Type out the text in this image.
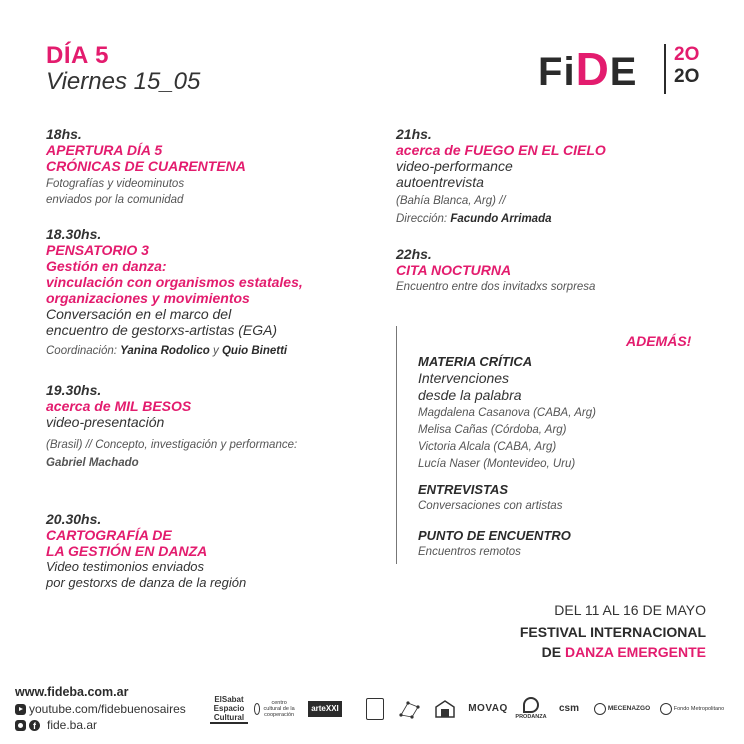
DÍA 5
Viernes 15_05	FiDE 2O
2O
18hs.
APERTURA DÍA 5
CRÓNICAS DE CUARENTENA
Fotografías y videominutos
enviados por la comunidad
18.30hs.
PENSATORIO 3
Gestión en danza:
vinculación con organismos estatales,
organizaciones y movimientos
Conversación en el marco del
encuentro de gestorxs-artistas (EGA)
Coordinación: Yanina Rodolico y Quio Binetti
19.30hs.
acerca de MIL BESOS
video-presentación
(Brasil) // Concepto, investigación y performance:
Gabriel Machado
20.30hs.
CARTOGRAFÍA DE
LA GESTIÓN EN DANZA
Video testimonios enviados
por gestorxs de danza de la región
21hs.
acerca de FUEGO EN EL CIELO
video-performance
autoentrevista
(Bahía Blanca, Arg) //
Dirección: Facundo Arrimada
22hs.
CITA NOCTURNA
Encuentro entre dos invitadxs sorpresa
ADEMÁS!
MATERIA CRÍTICA
Intervenciones
desde la palabra
Magdalena Casanova (CABA, Arg)
Melisa Cañas (Córdoba, Arg)
Victoria Alcala (CABA, Arg)
Lucía Naser (Montevideo, Uru)
ENTREVISTAS
Conversaciones con artistas
PUNTO DE ENCUENTRO
Encuentros remotos
DEL 11 AL 16 DE MAYO
FESTIVAL INTERNACIONAL
DE DANZA EMERGENTE
www.fideba.com.ar
youtube.com/fidebuenosaires
f fide.ba.ar
ElSabat Espacio Cultural
centro cultural de la cooperación
arteXXI	MOVAQ
PRODANZA
csm	MECENAZGO	Fondo Metropolitano
